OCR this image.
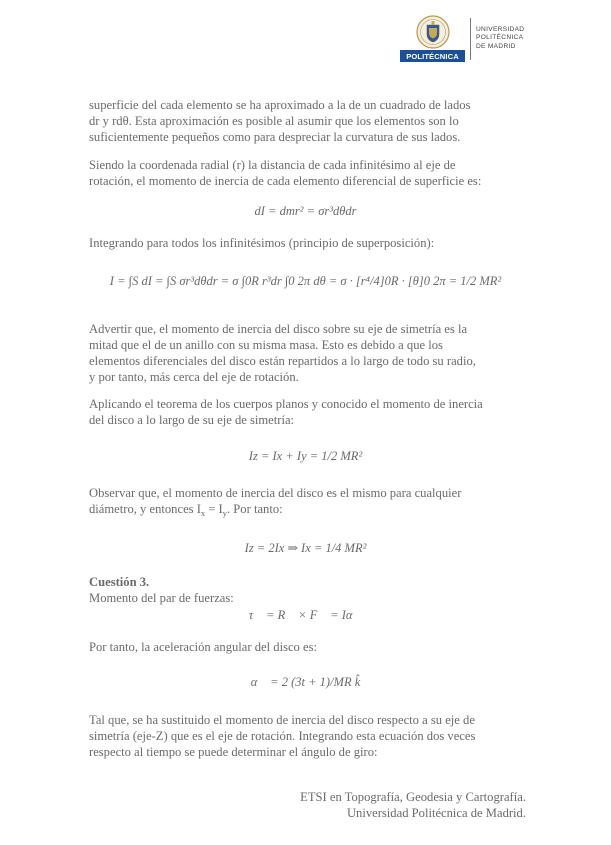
POLITÉCNICA
UNIVERSIDAD
POLITÉCNICA
DE MADRID
superficie del cada elemento se ha aproximado a la de un cuadrado de lados
dr y rdθ. Esta aproximación es posible al asumir que los elementos son lo
suficientemente pequeños como para despreciar la curvatura de sus lados.
Siendo la coordenada radial (r) la distancia de cada infinitésimo al eje de
rotación, el momento de inercia de cada elemento diferencial de superficie es:
dI = dmr² = σr³dθdr
Integrando para todos los infinitésimos (principio de superposición):
I = ∫S dI = ∫S σr³dθdr = σ ∫0R r³dr ∫0 2π dθ = σ · [r⁴/4]0R · [θ]0 2π = 1/2 MR²
Advertir que, el momento de inercia del disco sobre su eje de simetría es la
mitad que el de un anillo con su misma masa. Esto es debido a que los
elementos diferenciales del disco están repartidos a lo largo de todo su radio,
y por tanto, más cerca del eje de rotación.
Aplicando el teorema de los cuerpos planos y conocido el momento de inercia
del disco a lo largo de su eje de simetría:
Iz = Ix + Iy = 1/2 MR²
Observar que, el momento de inercia del disco es el mismo para cualquier
diámetro, y entonces $I_x = I_y$. Por tanto:
Iz = 2Ix ⇒ Ix = 1/4 MR²
Cuestión 3.
Momento del par de fuerzas:
τ⃗ = R⃗ × F⃗ = Iα⃗
Por tanto, la aceleración angular del disco es:
α⃗ = 2 (3t + 1)/MR k̂
Tal que, se ha sustituido el momento de inercia del disco respecto a su eje de
simetría (eje-Z) que es el eje de rotación. Integrando esta ecuación dos veces
respecto al tiempo se puede determinar el ángulo de giro:
ETSI en Topografía, Geodesia y Cartografía.
Universidad Politécnica de Madrid.
